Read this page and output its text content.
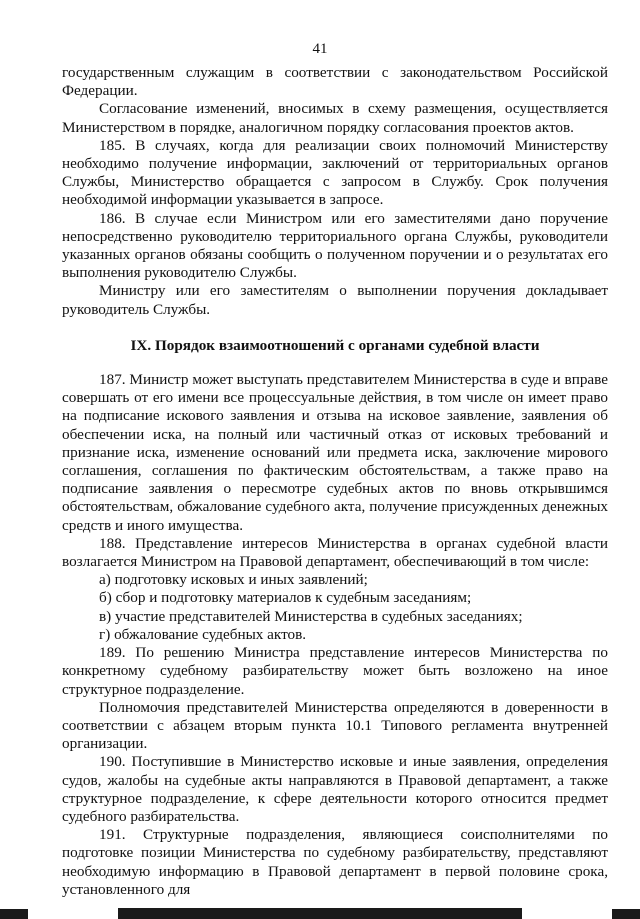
41

государственным служащим в соответствии с законодательством Российской Федерации.

Согласование изменений, вносимых в схему размещения, осуществляется Министерством в порядке, аналогичном порядку согласования проектов актов.

185. В случаях, когда для реализации своих полномочий Министерству необходимо получение информации, заключений от территориальных органов Службы, Министерство обращается с запросом в Службу. Срок получения необходимой информации указывается в запросе.

186. В случае если Министром или его заместителями дано поручение непосредственно руководителю территориального органа Службы, руководители указанных органов обязаны сообщить о полученном поручении и о результатах его выполнения руководителю Службы.

Министру или его заместителям о выполнении поручения докладывает руководитель Службы.

IX. Порядок взаимоотношений с органами судебной власти

187. Министр может выступать представителем Министерства в суде и вправе совершать от его имени все процессуальные действия, в том числе он имеет право на подписание искового заявления и отзыва на исковое заявление, заявления об обеспечении иска, на полный или частичный отказ от исковых требований и признание иска, изменение оснований или предмета иска, заключение мирового соглашения, соглашения по фактическим обстоятельствам, а также право на подписание заявления о пересмотре судебных актов по вновь открывшимся обстоятельствам, обжалование судебного акта, получение присужденных денежных средств и иного имущества.

188. Представление интересов Министерства в органах судебной власти возлагается Министром на Правовой департамент, обеспечивающий в том числе:

а) подготовку исковых и иных заявлений;

б) сбор и подготовку материалов к судебным заседаниям;

в) участие представителей Министерства в судебных заседаниях;

г) обжалование судебных актов.

189. По решению Министра представление интересов Министерства по конкретному судебному разбирательству может быть возложено на иное структурное подразделение.

Полномочия представителей Министерства определяются в доверенности в соответствии с абзацем вторым пункта 10.1 Типового регламента внутренней организации.

190. Поступившие в Министерство исковые и иные заявления, определения судов, жалобы на судебные акты направляются в Правовой департамент, а также структурное подразделение, к сфере деятельности которого относится предмет судебного разбирательства.

191. Структурные подразделения, являющиеся соисполнителями по подготовке позиции Министерства по судебному разбирательству, представляют необходимую информацию в Правовой департамент в первой половине срока, установленного для
